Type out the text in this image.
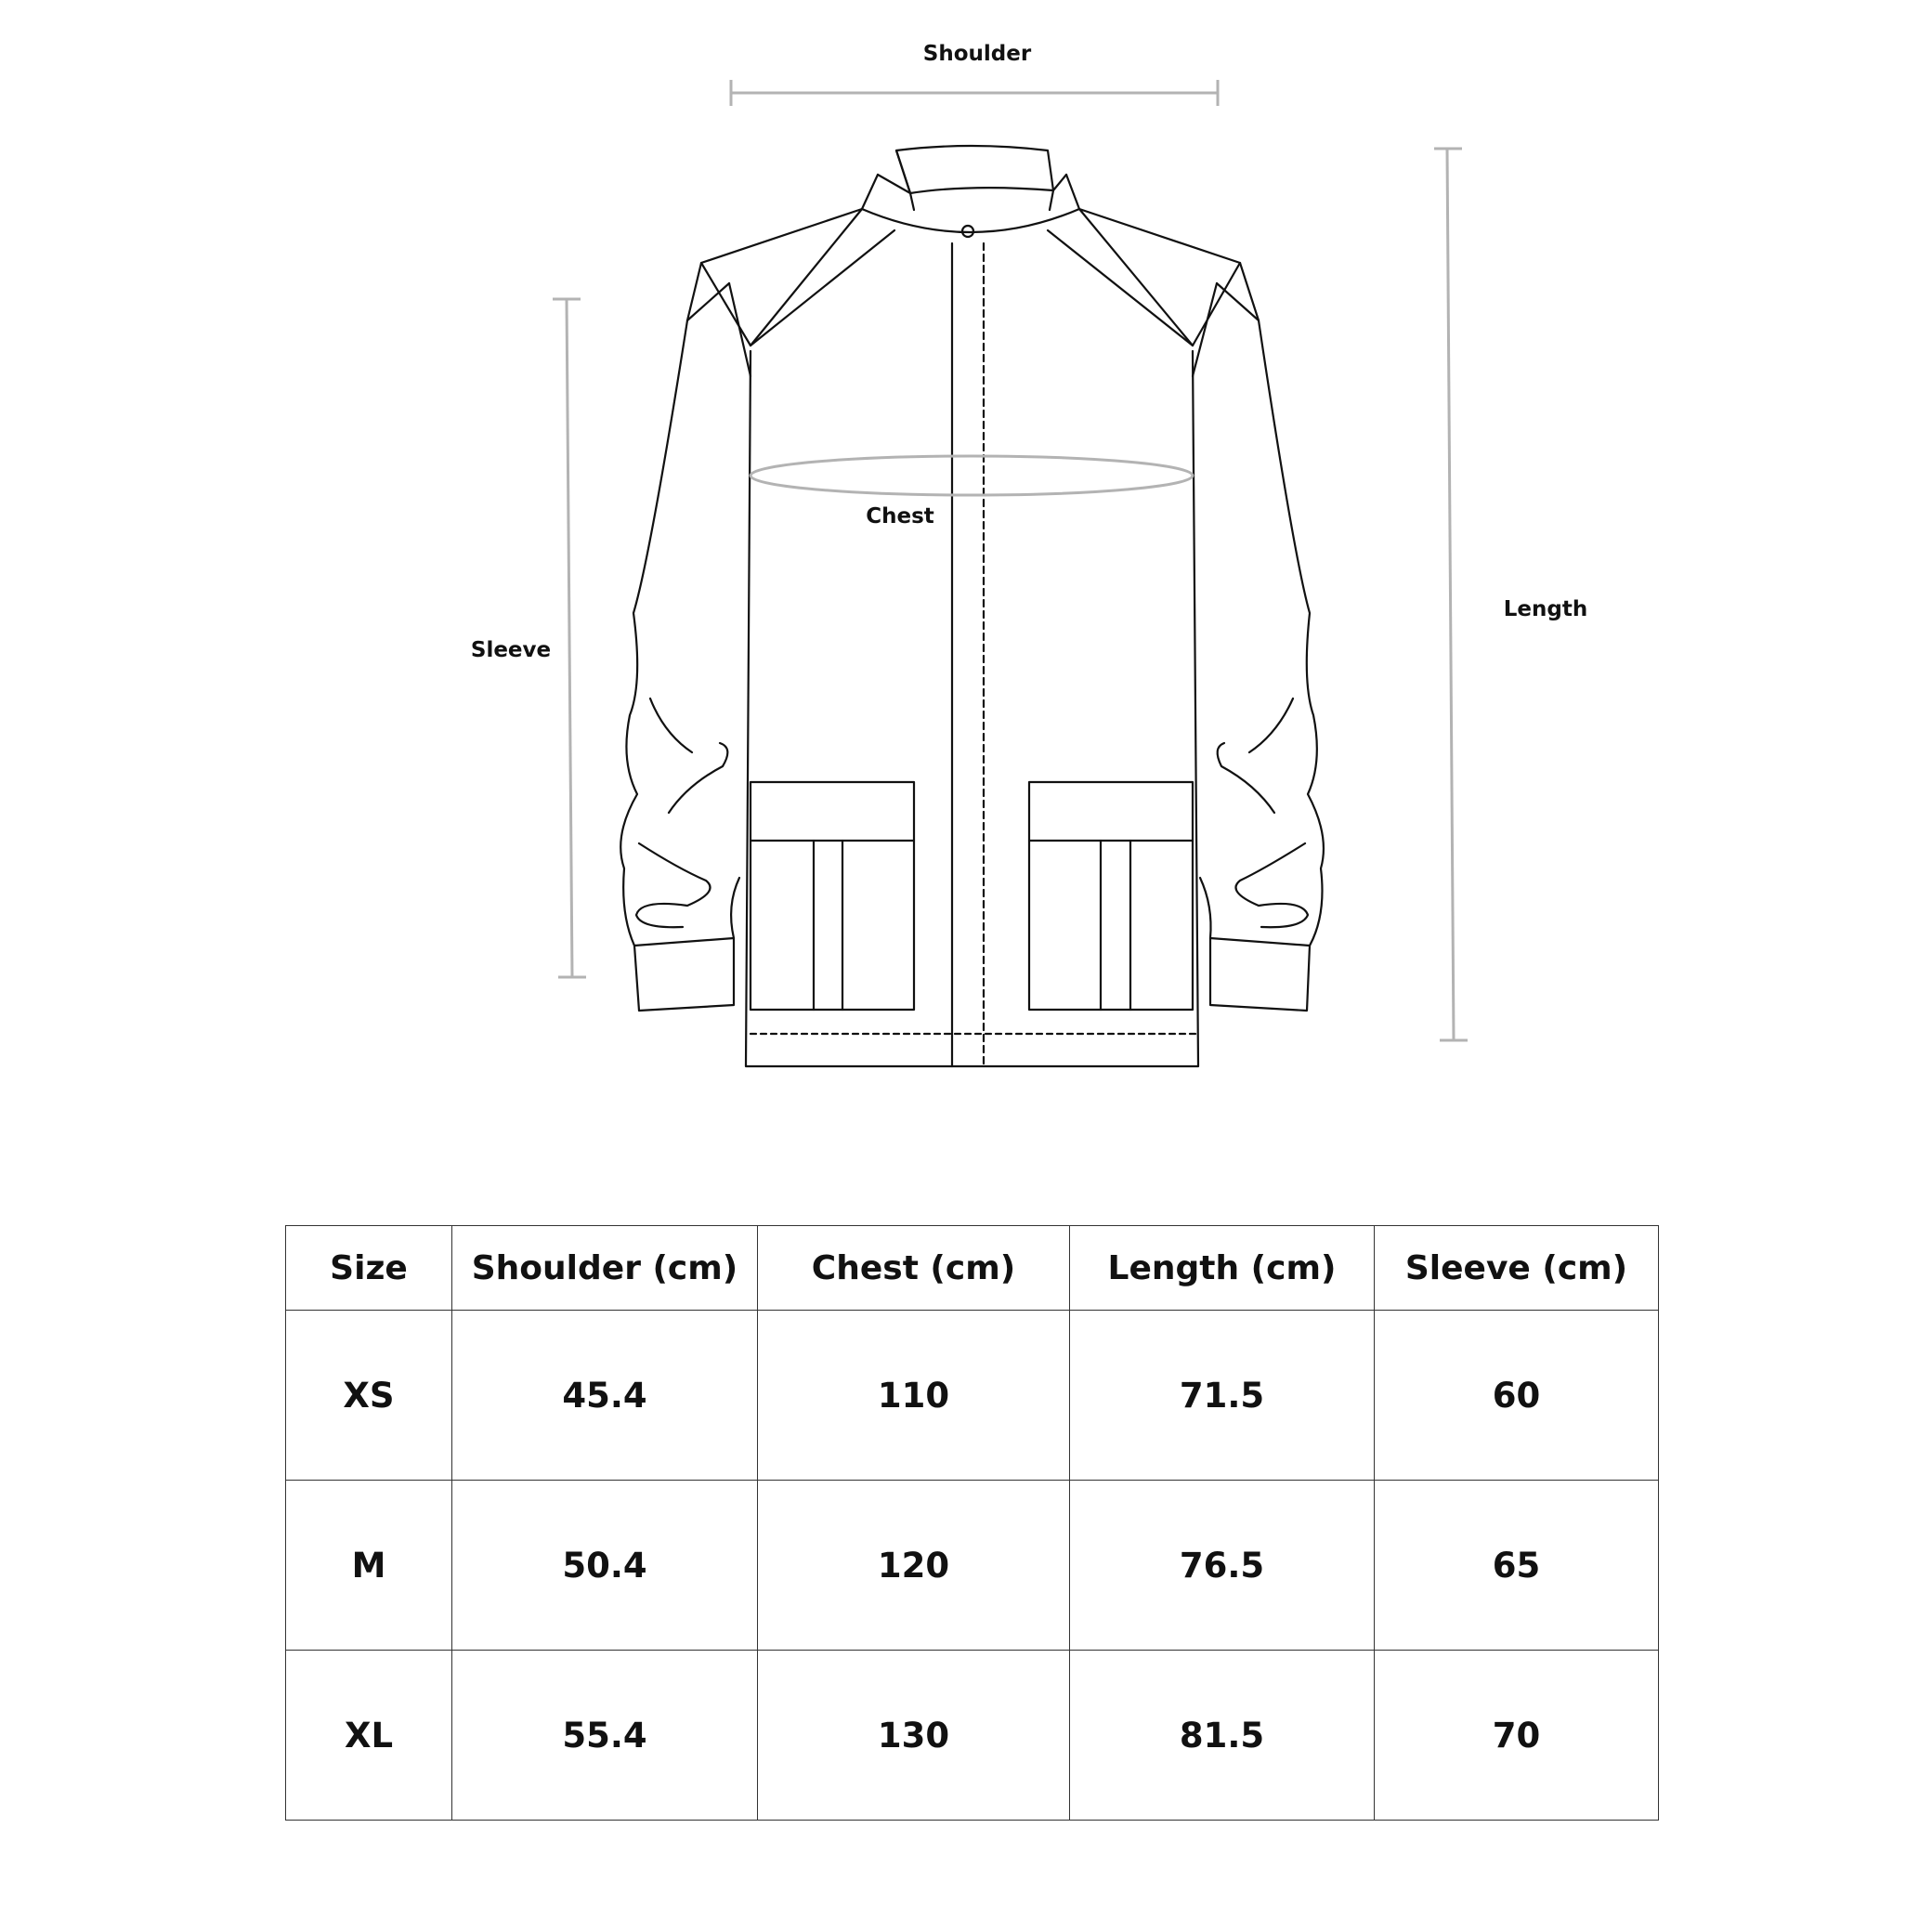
Shoulder
Chest
Sleeve
Length
Size	Shoulder (cm)	Chest (cm)	Length (cm)	Sleeve (cm)
XS	45.4	110	71.5	60
M	50.4	120	76.5	65
XL	55.4	130	81.5	70
